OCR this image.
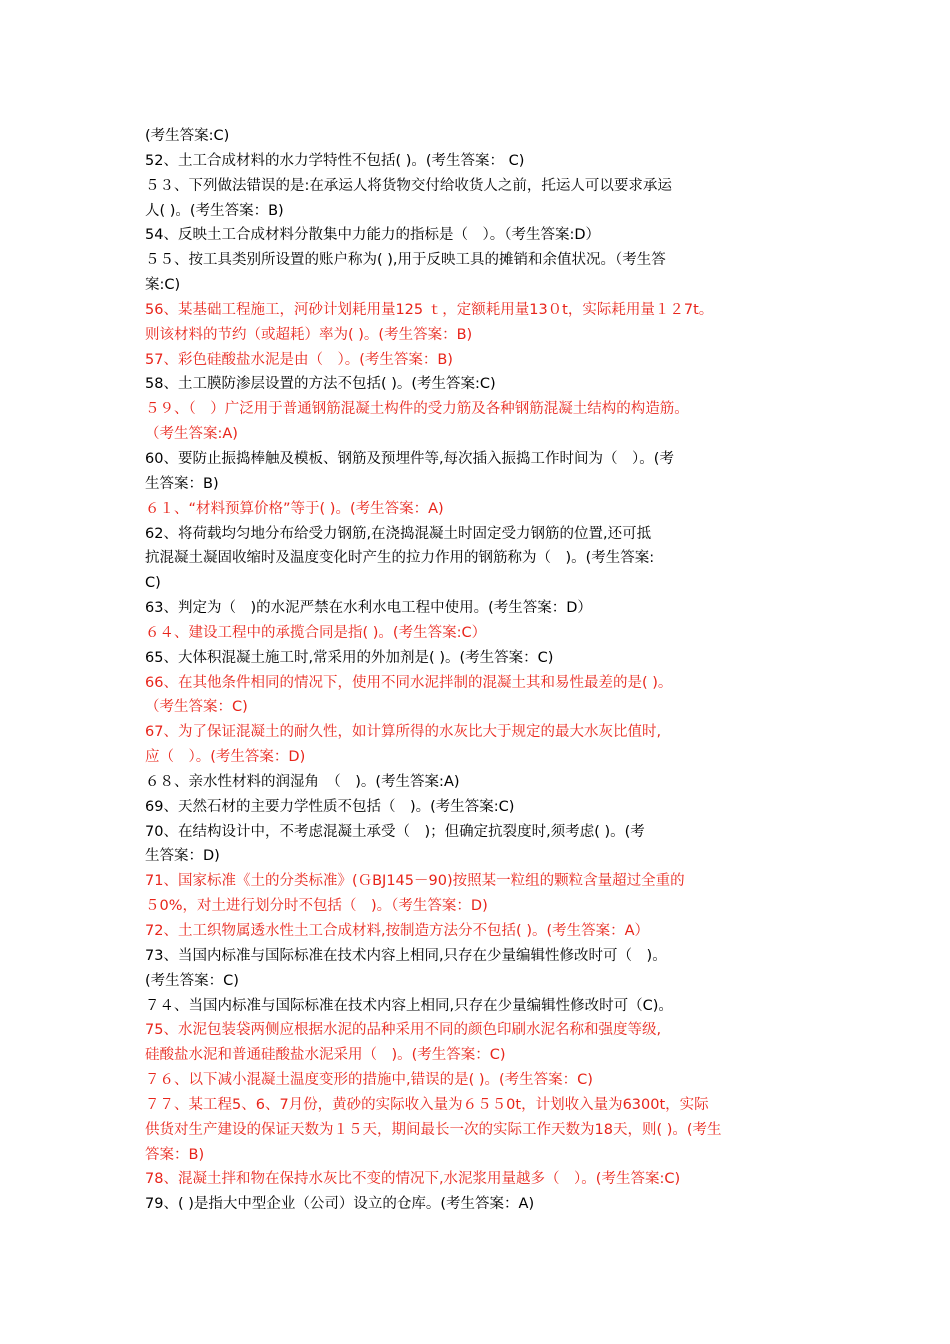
(考生答案:C)
52、土工合成材料的水力学特性不包括( )。(考生答案： C)
５３、下列做法错误的是:在承运人将货物交付给收货人之前，托运人可以要求承运
人( )。(考生答案：B)
54、反映土工合成材料分散集中力能力的指标是（　）。（考生答案:D）
５５、按工具类别所设置的账户称为( ),用于反映工具的摊销和余值状况。（考生答
案:C)
56、某基础工程施工，河砂计划耗用量125 ｔ，定额耗用量13０t，实际耗用量１２7t。
则该材料的节约（或超耗）率为( )。(考生答案：B)
57、彩色硅酸盐水泥是由（　）。(考生答案：B)
58、土工膜防渗层设置的方法不包括( )。(考生答案:C)
５９、（　）广泛用于普通钢筋混凝土构件的受力筋及各种钢筋混凝土结构的构造筋。
（考生答案:A)
60、要防止振捣棒触及模板、钢筋及预埋件等,每次插入振捣工作时间为（　）。(考
生答案：B)
６１、“材料预算价格”等于( )。(考生答案：A)
62、将荷载均匀地分布给受力钢筋,在浇捣混凝土时固定受力钢筋的位置,还可抵
抗混凝土凝固收缩时及温度变化时产生的拉力作用的钢筋称为（　)。(考生答案:
C)
63、判定为（　)的水泥严禁在水利水电工程中使用。(考生答案：D）
６４、建设工程中的承揽合同是指( )。(考生答案:C）
65、大体积混凝土施工时,常采用的外加剂是( )。(考生答案：C)
66、在其他条件相同的情况下，使用不同水泥拌制的混凝土其和易性最差的是( )。
（考生答案：C)
67、为了保证混凝土的耐久性，如计算所得的水灰比大于规定的最大水灰比值时,
应（　）。(考生答案：D)
６８、亲水性材料的润湿角　（　)。(考生答案:A)
69、天然石材的主要力学性质不包括（　)。(考生答案:C)
70、在结构设计中，不考虑混凝土承受（　)；但确定抗裂度时,须考虑( )。(考
生答案：D)
71、国家标准《土的分类标准》(ＧBJ145－90)按照某一粒组的颗粒含量超过全重的
５0%，对土进行划分时不包括（　)。（考生答案：D)
72、土工织物属透水性土工合成材料,按制造方法分不包括( )。(考生答案：A）
73、当国内标准与国际标准在技术内容上相同,只存在少量编辑性修改时可（　)。
(考生答案：C)
７４、当国内标准与国际标准在技术内容上相同,只存在少量编辑性修改时可（C)。
75、水泥包装袋两侧应根据水泥的品种采用不同的颜色印刷水泥名称和强度等级,
硅酸盐水泥和普通硅酸盐水泥采用（　)。(考生答案：C)
７６、以下减小混凝土温度变形的措施中,错误的是( )。(考生答案：C)
７７、某工程5、6、7月份，黄砂的实际收入量为６５５0t，计划收入量为6300t，实际
供货对生产建设的保证天数为１５天，期间最长一次的实际工作天数为18天，则( )。(考生
答案：B)
78、混凝土拌和物在保持水灰比不变的情况下,水泥浆用量越多（　）。(考生答案:C)
79、( )是指大中型企业（公司）设立的仓库。(考生答案：A)
